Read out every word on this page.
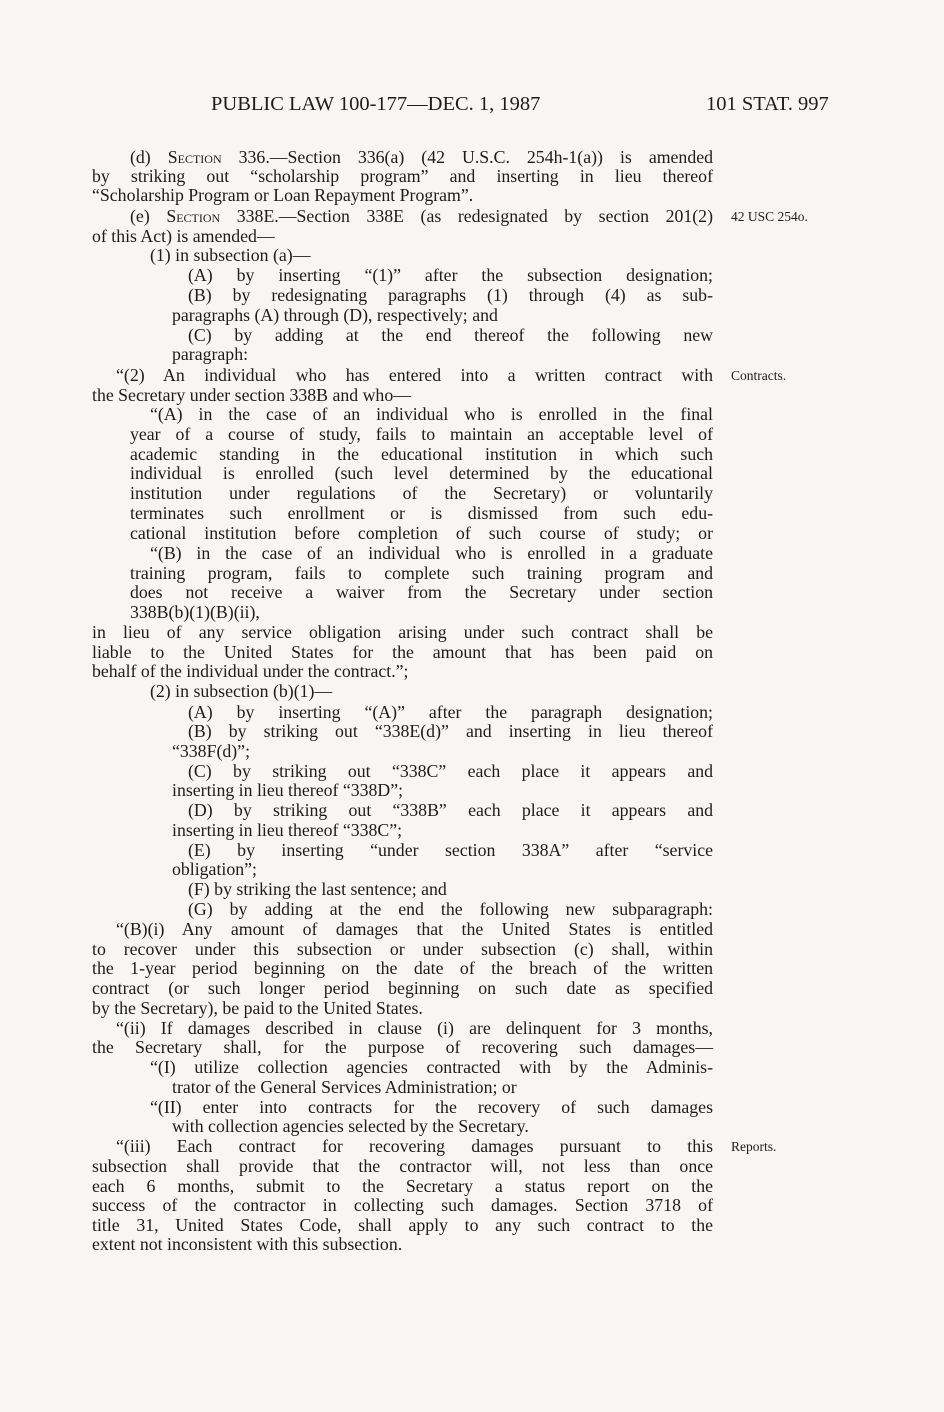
PUBLIC LAW 100-177—DEC. 1, 1987	101 STAT. 997
(d) Section 336.—Section 336(a) (42 U.S.C. 254h-1(a)) is amended
by striking out “scholarship program” and inserting in lieu thereof
“Scholarship Program or Loan Repayment Program”.
(e) Section 338E.—Section 338E (as redesignated by section 201(2)
of this Act) is amended—
(1) in subsection (a)—
(A) by inserting “(1)” after the subsection designation;
(B) by redesignating paragraphs (1) through (4) as sub-
paragraphs (A) through (D), respectively; and
(C) by adding at the end thereof the following new
paragraph:
“(2) An individual who has entered into a written contract with
the Secretary under section 338B and who—
“(A) in the case of an individual who is enrolled in the final
year of a course of study, fails to maintain an acceptable level of
academic standing in the educational institution in which such
individual is enrolled (such level determined by the educational
institution under regulations of the Secretary) or voluntarily
terminates such enrollment or is dismissed from such edu-
cational institution before completion of such course of study; or
“(B) in the case of an individual who is enrolled in a graduate
training program, fails to complete such training program and
does not receive a waiver from the Secretary under section
338B(b)(1)(B)(ii),
in lieu of any service obligation arising under such contract shall be
liable to the United States for the amount that has been paid on
behalf of the individual under the contract.”;
(2) in subsection (b)(1)—
(A) by inserting “(A)” after the paragraph designation;
(B) by striking out “338E(d)” and inserting in lieu thereof
“338F(d)”;
(C) by striking out “338C” each place it appears and
inserting in lieu thereof “338D”;
(D) by striking out “338B” each place it appears and
inserting in lieu thereof “338C”;
(E) by inserting “under section 338A” after “service
obligation”;
(F) by striking the last sentence; and
(G) by adding at the end the following new subparagraph:
“(B)(i) Any amount of damages that the United States is entitled
to recover under this subsection or under subsection (c) shall, within
the 1-year period beginning on the date of the breach of the written
contract (or such longer period beginning on such date as specified
by the Secretary), be paid to the United States.
“(ii) If damages described in clause (i) are delinquent for 3 months,
the Secretary shall, for the purpose of recovering such damages—
“(I) utilize collection agencies contracted with by the Adminis-
trator of the General Services Administration; or
“(II) enter into contracts for the recovery of such damages
with collection agencies selected by the Secretary.
“(iii) Each contract for recovering damages pursuant to this
subsection shall provide that the contractor will, not less than once
each 6 months, submit to the Secretary a status report on the
success of the contractor in collecting such damages. Section 3718 of
title 31, United States Code, shall apply to any such contract to the
extent not inconsistent with this subsection.
42 USC 254o.
Contracts.
Reports.
